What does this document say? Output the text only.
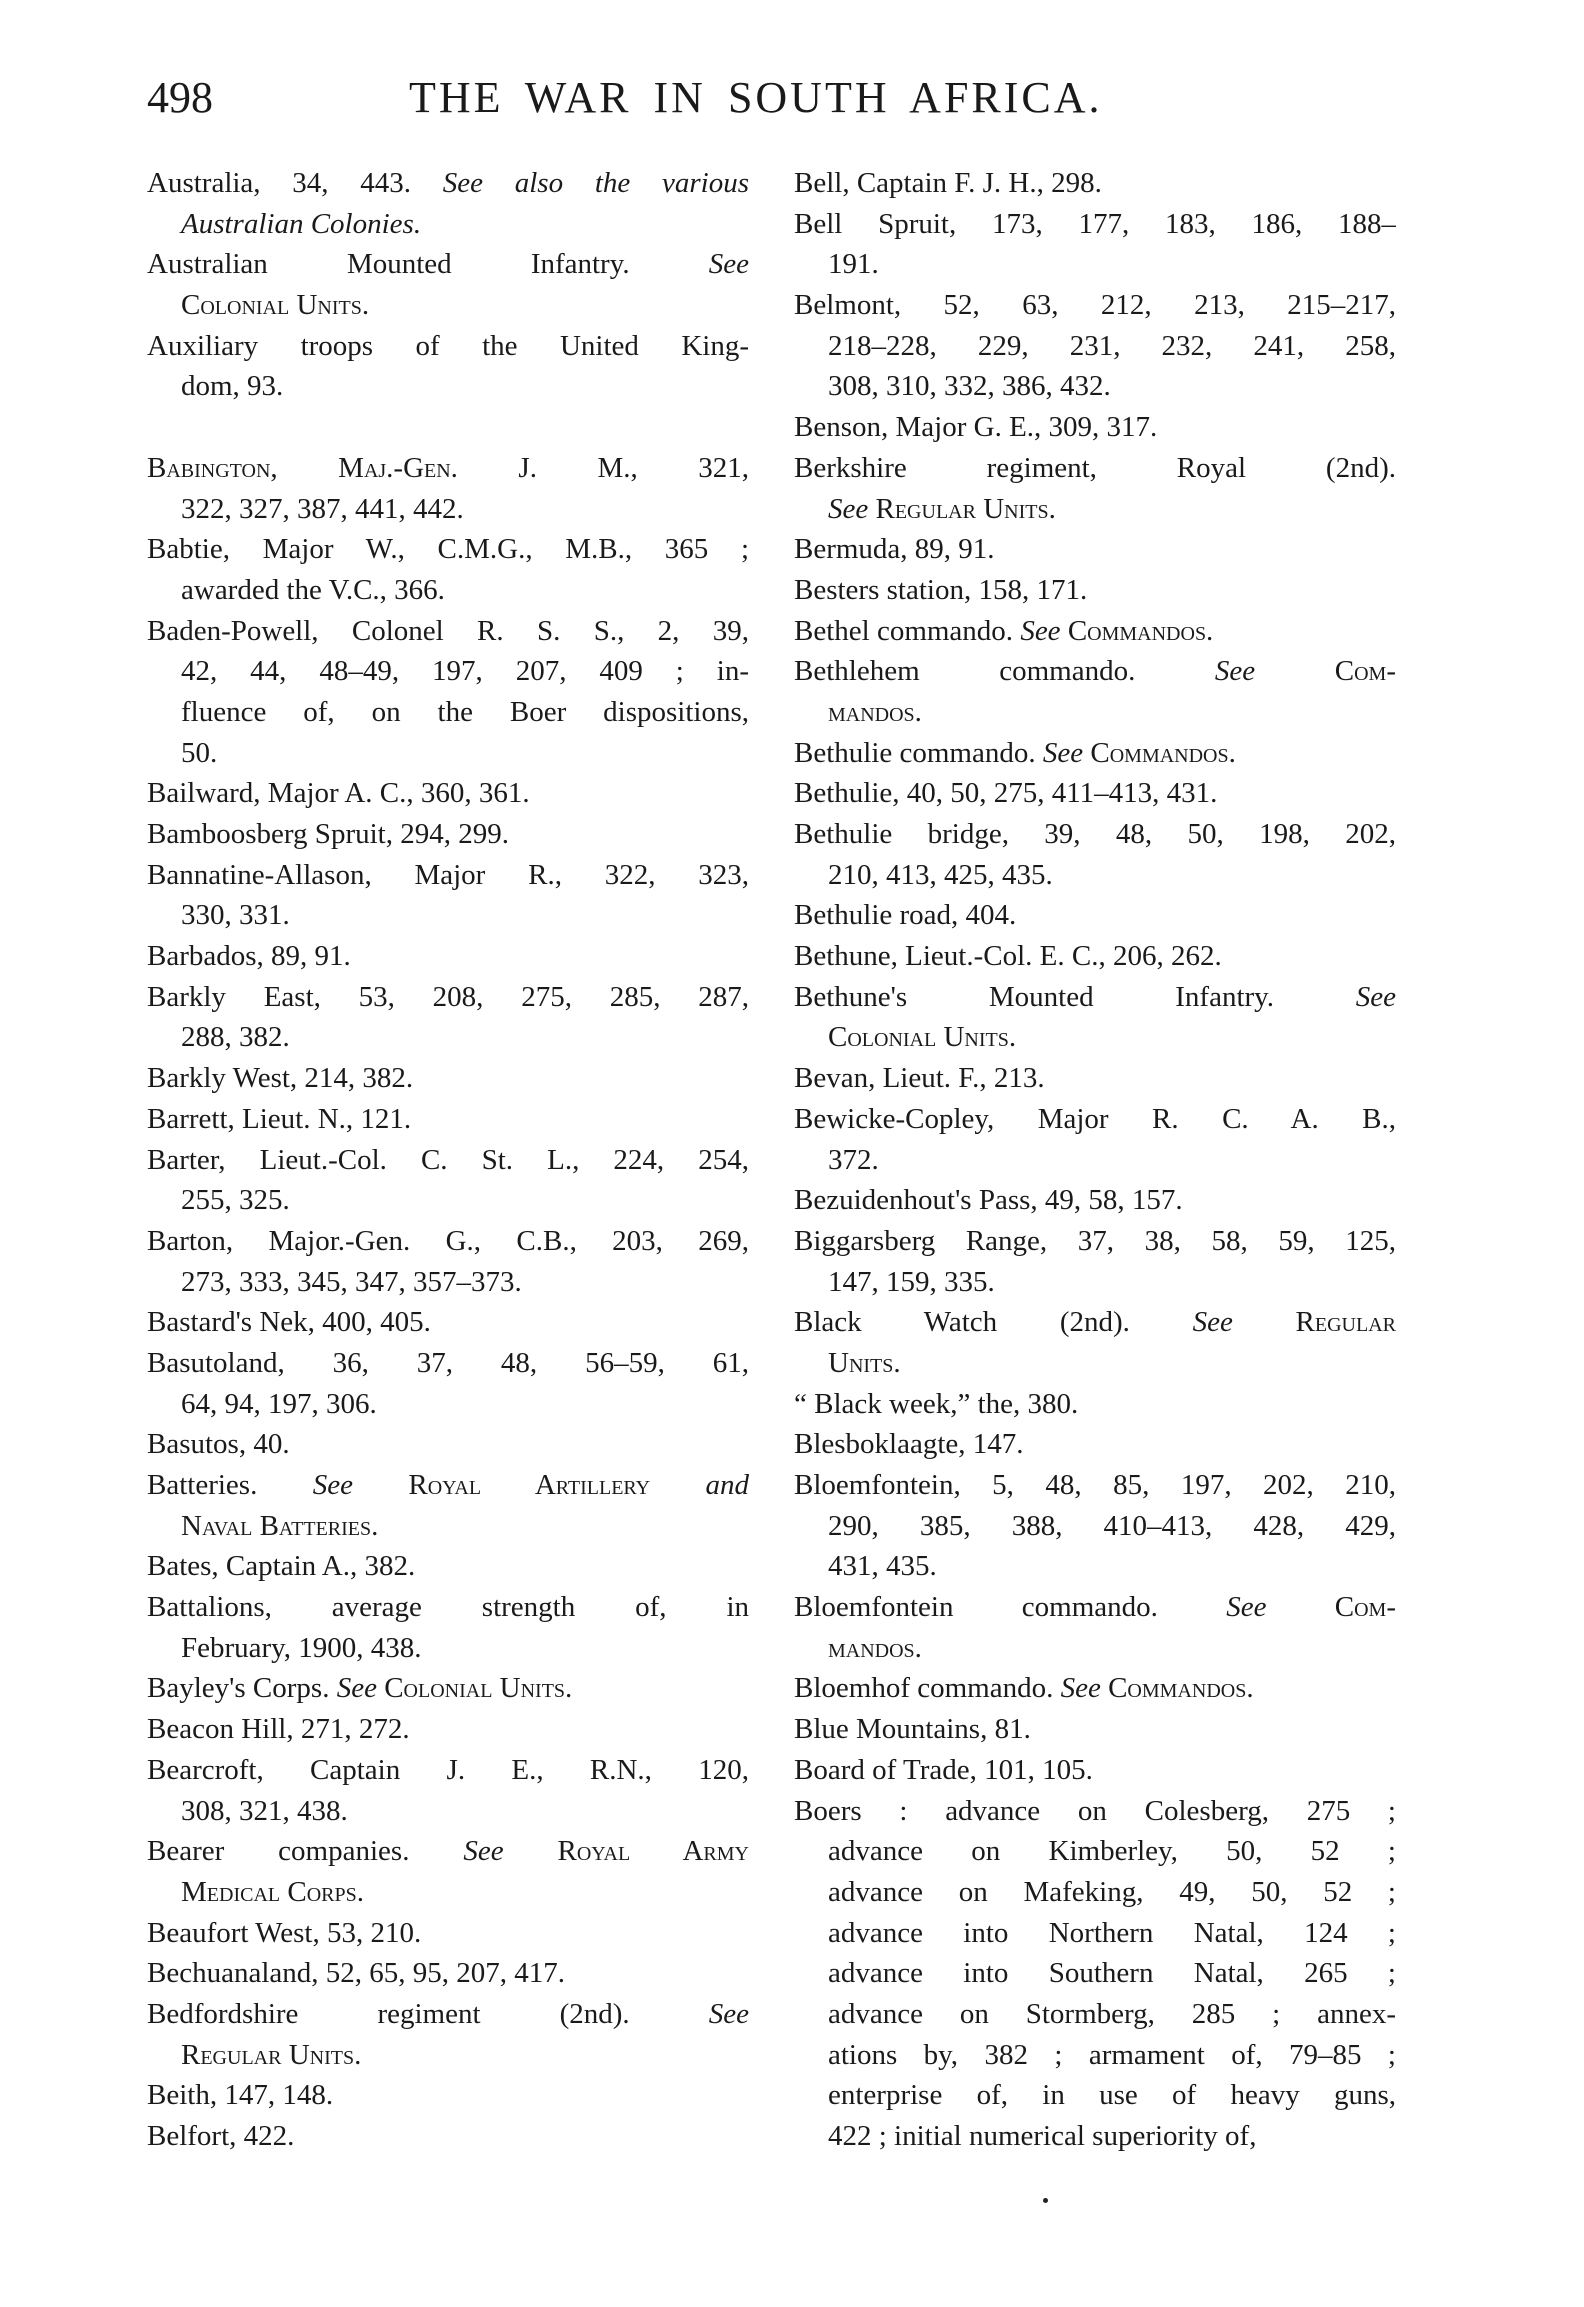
498	THE WAR IN SOUTH AFRICA.
Australia, 34, 443. See also the various
Australian Colonies.
Australian Mounted Infantry. See
Colonial Units.
Auxiliary troops of the United King-
dom, 93.
Babington, Maj.-Gen. J. M., 321,
322, 327, 387, 441, 442.
Babtie, Major W., C.M.G., M.B., 365 ;
awarded the V.C., 366.
Baden-Powell, Colonel R. S. S., 2, 39,
42, 44, 48–49, 197, 207, 409 ; in-
fluence of, on the Boer dispositions,
50.
Bailward, Major A. C., 360, 361.
Bamboosberg Spruit, 294, 299.
Bannatine-Allason, Major R., 322, 323,
330, 331.
Barbados, 89, 91.
Barkly East, 53, 208, 275, 285, 287,
288, 382.
Barkly West, 214, 382.
Barrett, Lieut. N., 121.
Barter, Lieut.-Col. C. St. L., 224, 254,
255, 325.
Barton, Major.-Gen. G., C.B., 203, 269,
273, 333, 345, 347, 357–373.
Bastard's Nek, 400, 405.
Basutoland, 36, 37, 48, 56–59, 61,
64, 94, 197, 306.
Basutos, 40.
Batteries. See Royal Artillery and
Naval Batteries.
Bates, Captain A., 382.
Battalions, average strength of, in
February, 1900, 438.
Bayley's Corps. See Colonial Units.
Beacon Hill, 271, 272.
Bearcroft, Captain J. E., R.N., 120,
308, 321, 438.
Bearer companies. See Royal Army
Medical Corps.
Beaufort West, 53, 210.
Bechuanaland, 52, 65, 95, 207, 417.
Bedfordshire regiment (2nd). See
Regular Units.
Beith, 147, 148.
Belfort, 422.
Bell, Captain F. J. H., 298.
Bell Spruit, 173, 177, 183, 186, 188–
191.
Belmont, 52, 63, 212, 213, 215–217,
218–228, 229, 231, 232, 241, 258,
308, 310, 332, 386, 432.
Benson, Major G. E., 309, 317.
Berkshire regiment, Royal (2nd).
See Regular Units.
Bermuda, 89, 91.
Besters station, 158, 171.
Bethel commando. See Commandos.
Bethlehem commando. See	Com-
mandos.
Bethulie commando. See Commandos.
Bethulie, 40, 50, 275, 411–413, 431.
Bethulie bridge, 39, 48, 50, 198, 202,
210, 413, 425, 435.
Bethulie road, 404.
Bethune, Lieut.-Col. E. C., 206, 262.
Bethune's Mounted Infantry. See
Colonial Units.
Bevan, Lieut. F., 213.
Bewicke-Copley, Major R. C. A. B.,
372.
Bezuidenhout's Pass, 49, 58, 157.
Biggarsberg Range, 37, 38, 58, 59, 125,
147, 159, 335.
Black Watch (2nd). See Regular
Units.
“ Black week,” the, 380.
Blesboklaagte, 147.
Bloemfontein, 5, 48, 85, 197, 202, 210,
290, 385, 388, 410–413, 428, 429,
431, 435.
Bloemfontein commando. See Com-
mandos.
Bloemhof commando. See Commandos.
Blue Mountains, 81.
Board of Trade, 101, 105.
Boers : advance on Colesberg, 275 ;
advance on Kimberley, 50, 52 ;
advance on Mafeking, 49, 50, 52 ;
advance into Northern Natal, 124 ;
advance into Southern Natal, 265 ;
advance on Stormberg, 285 ; annex-
ations by, 382 ; armament of, 79–85 ;
enterprise of, in use of heavy guns,
422 ; initial numerical superiority of,
